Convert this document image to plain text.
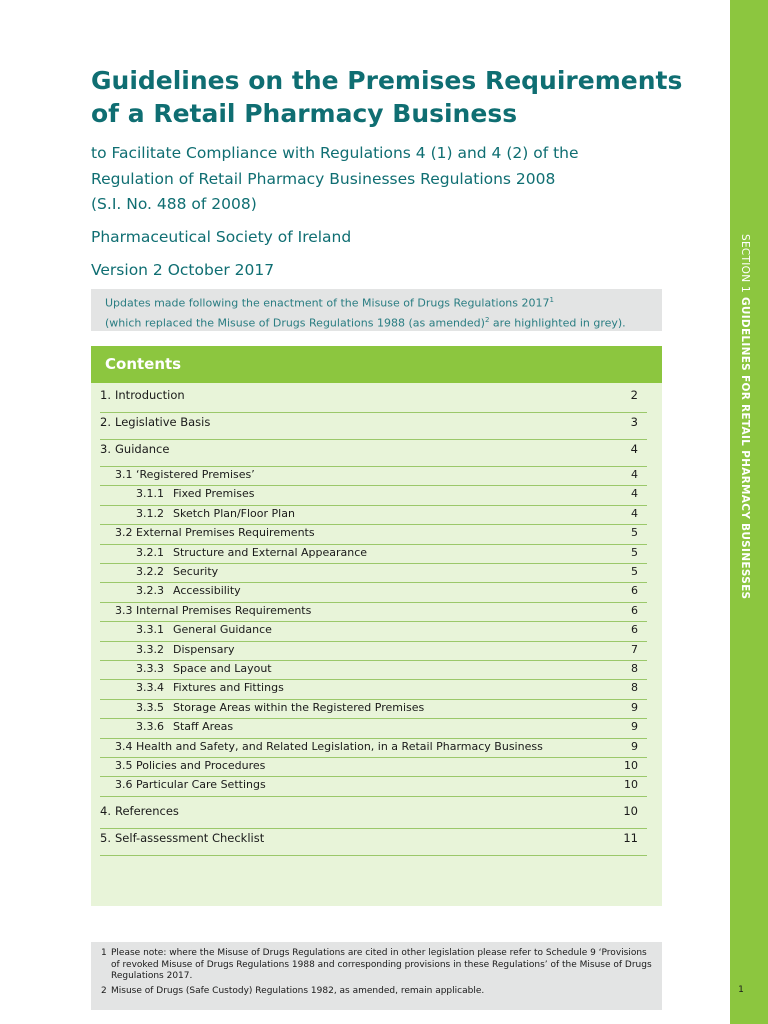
SECTION 1GUIDELINES FOR RETAIL PHARMACY BUSINESSES
1
Guidelines on the Premises Requirements
of a Retail Pharmacy Business
to Facilitate Compliance with Regulations 4 (1) and 4 (2) of the
Regulation of Retail Pharmacy Businesses Regulations 2008
(S.I. No. 488 of 2008)
Pharmaceutical Society of Ireland
Version 2 October 2017
Updates made following the enactment of the Misuse of Drugs Regulations 2017$^1$
(which replaced the Misuse of Drugs Regulations 1988 (as amended)$^2$ are highlighted in grey).
Contents
1. Introduction	2
2. Legislative Basis	3
3. Guidance	4
3.1 ‘Registered Premises’	4
3.1.1 Fixed Premises	4
3.1.2 Sketch Plan/Floor Plan	4
3.2 External Premises Requirements	5
3.2.1 Structure and External Appearance	5
3.2.2 Security	5
3.2.3 Accessibility	6
3.3 Internal Premises Requirements	6
3.3.1 General Guidance	6
3.3.2 Dispensary	7
3.3.3 Space and Layout	8
3.3.4 Fixtures and Fittings	8
3.3.5 Storage Areas within the Registered Premises	9
3.3.6 Staff Areas	9
3.4 Health and Safety, and Related Legislation, in a Retail Pharmacy Business	9
3.5 Policies and Procedures	10
3.6 Particular Care Settings	10
4. References	10
5. Self-assessment Checklist	11
1 Please note: where the Misuse of Drugs Regulations are cited in other legislation please refer to Schedule 9 ‘Provisions of revoked Misuse of Drugs Regulations 1988 and corresponding provisions in these Regulations’ of the Misuse of Drugs Regulations 2017.
2 Misuse of Drugs (Safe Custody) Regulations 1982, as amended, remain applicable.
